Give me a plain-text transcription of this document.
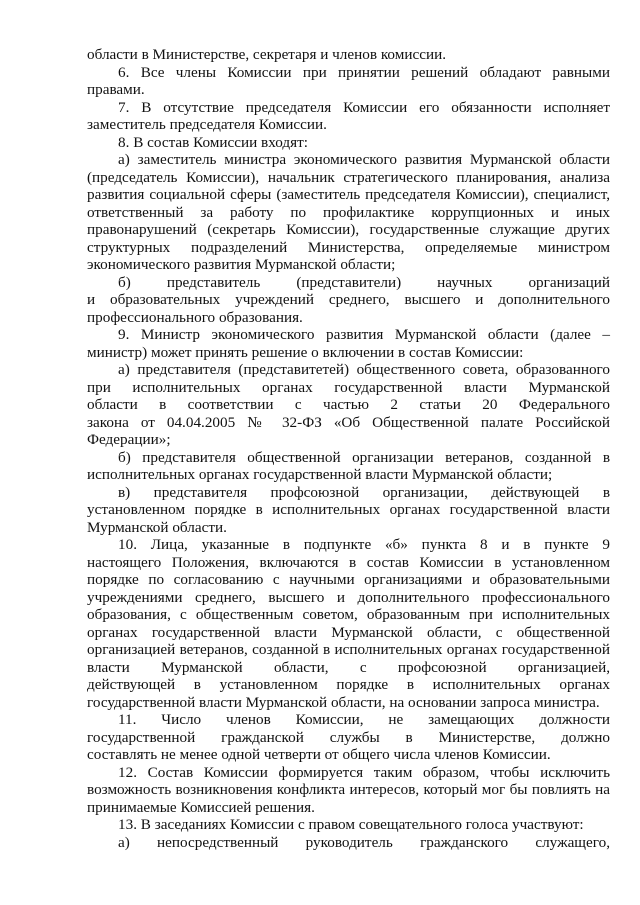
области в Министерстве, секретаря и членов комиссии.
6. Все члены Комиссии при принятии решений обладают равными
правами.
7. В отсутствие председателя Комиссии его обязанности исполняет
заместитель председателя Комиссии.
8. В состав Комиссии входят:
а) заместитель министра экономического развития Мурманской области
(председатель Комиссии), начальник стратегического планирования, анализа
развития социальной сферы (заместитель председателя Комиссии), специалист,
ответственный за работу по профилактике коррупционных и иных
правонарушений (секретарь Комиссии), государственные служащие других
структурных подразделений Министерства, определяемые министром
экономического развития Мурманской области;
б) представитель (представители) научных организаций
и образовательных учреждений среднего, высшего и дополнительного
профессионального образования.
9. Министр экономического развития Мурманской области (далее –
министр) может принять решение о включении в состав Комиссии:
а) представителя (представитетей) общественного совета, образованного
при исполнительных органах государственной власти Мурманской
области в соответствии с частью 2 статьи 20 Федерального
закона от 04.04.2005 № 32-ФЗ «Об Общественной палате Российской
Федерации»;
б) представителя общественной организации ветеранов, созданной в
исполнительных органах государственной власти Мурманской области;
в) представителя профсоюзной организации, действующей в
установленном порядке в исполнительных органах государственной власти
Мурманской области.
10. Лица, указанные в подпункте «б» пункта 8 и в пункте 9
настоящего Положения, включаются в состав Комиссии в установленном
порядке по согласованию с научными организациями и образовательными
учреждениями среднего, высшего и дополнительного профессионального
образования, с общественным советом, образованным при исполнительных
органах государственной власти Мурманской области, с общественной
организацией ветеранов, созданной в исполнительных органах государственной
власти Мурманской области, с профсоюзной организацией,
действующей в установленном порядке в исполнительных органах
государственной власти Мурманской области, на основании запроса министра.
11. Число членов Комиссии, не замещающих должности
государственной гражданской службы в Министерстве, должно
составлять не менее одной четверти от общего числа членов Комиссии.
12. Состав Комиссии формируется таким образом, чтобы исключить
возможность возникновения конфликта интересов, который мог бы повлиять на
принимаемые Комиссией решения.
13. В заседаниях Комиссии с правом совещательного голоса участвуют:
а) непосредственный руководитель гражданского служащего,
